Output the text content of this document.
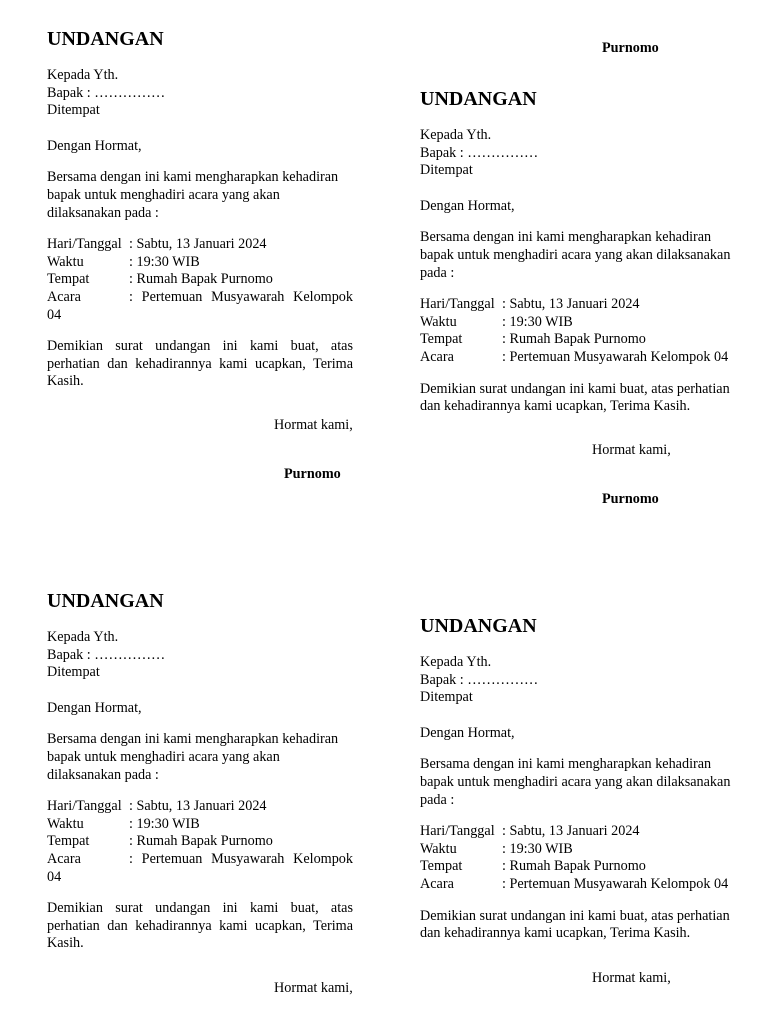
Purnomo
UNDANGAN

Kepada Yth.

Bapak : ……………

Ditempat

Dengan Hormat,

Bersama dengan ini kami mengharapkan kehadiran

bapak untuk menghadiri acara yang akan

dilaksanakan pada :

Hari/Tanggal : Sabtu, 13 Januari 2024
Waktu	: 19:30 WIB
Tempat	: Rumah Bapak Purnomo
Acara	: Pertemuan Musyawarah Kelompok

04

Demikian surat undangan ini kami buat, atas perhatian dan kehadirannya kami ucapkan, Terima Kasih.

Hormat kami,
Purnomo
UNDANGAN

Kepada Yth.

Bapak : ……………

Ditempat

Dengan Hormat,

Bersama dengan ini kami mengharapkan kehadiran

bapak untuk menghadiri acara yang akan dilaksanakan

pada :

Hari/Tanggal : Sabtu, 13 Januari 2024
Waktu	: 19:30 WIB
Tempat	: Rumah Bapak Purnomo
Acara	: Pertemuan Musyawarah Kelompok 04

Demikian surat undangan ini kami buat, atas perhatian

dan kehadirannya kami ucapkan, Terima Kasih.

Hormat kami,
Purnomo
UNDANGAN

Kepada Yth.

Bapak : ……………

Ditempat

Dengan Hormat,

Bersama dengan ini kami mengharapkan kehadiran

bapak untuk menghadiri acara yang akan

dilaksanakan pada :

Hari/Tanggal : Sabtu, 13 Januari 2024
Waktu	: 19:30 WIB
Tempat	: Rumah Bapak Purnomo
Acara	: Pertemuan Musyawarah Kelompok

04

Demikian surat undangan ini kami buat, atas perhatian dan kehadirannya kami ucapkan, Terima Kasih.

Hormat kami,
UNDANGAN

Kepada Yth.

Bapak : ……………

Ditempat

Dengan Hormat,

Bersama dengan ini kami mengharapkan kehadiran

bapak untuk menghadiri acara yang akan dilaksanakan

pada :

Hari/Tanggal : Sabtu, 13 Januari 2024
Waktu	: 19:30 WIB
Tempat	: Rumah Bapak Purnomo
Acara	: Pertemuan Musyawarah Kelompok 04

Demikian surat undangan ini kami buat, atas perhatian

dan kehadirannya kami ucapkan, Terima Kasih.

Hormat kami,
